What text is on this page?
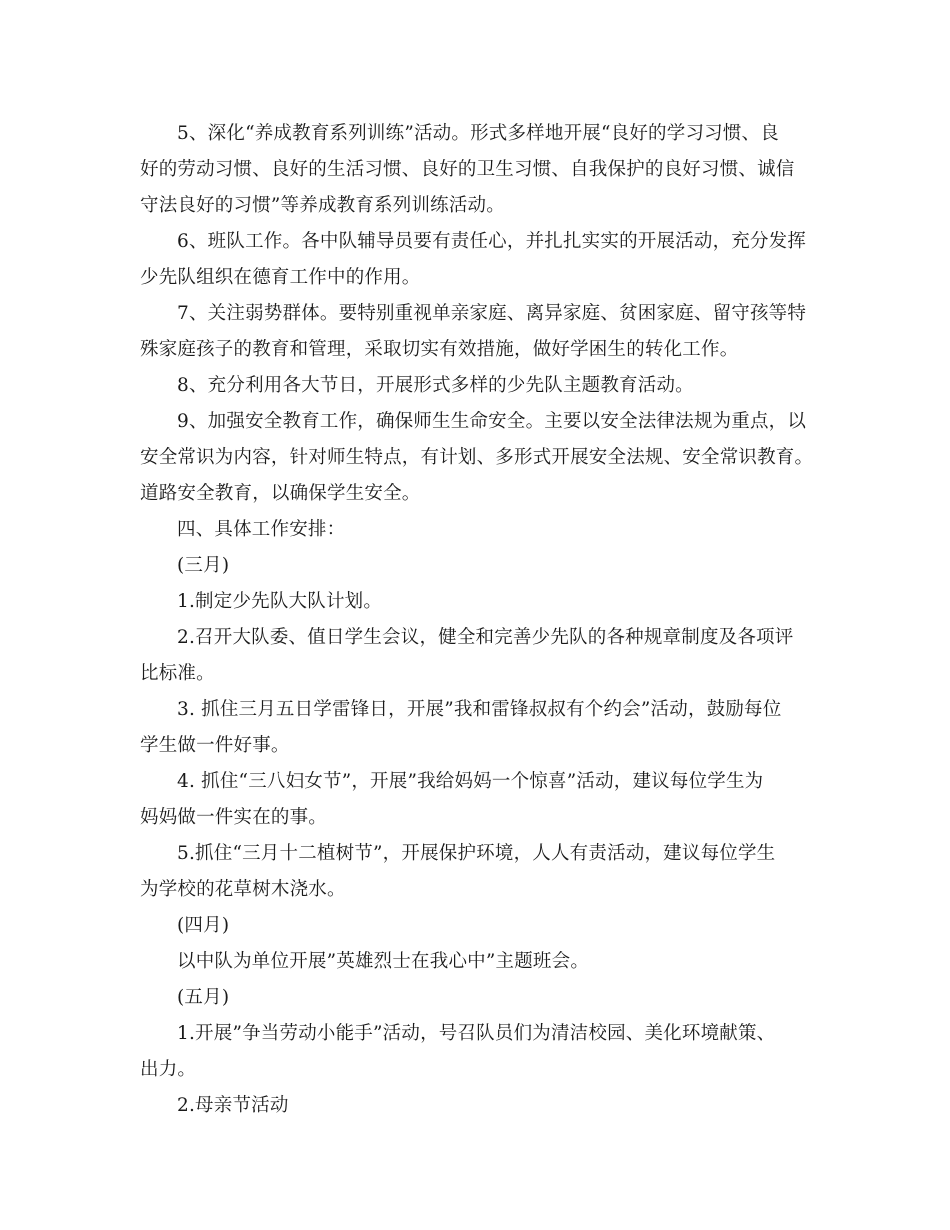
5、深化“养成教育系列训练”活动。形式多样地开展“良好的学习习惯、良
好的劳动习惯、良好的生活习惯、良好的卫生习惯、自我保护的良好习惯、诚信
守法良好的习惯”等养成教育系列训练活动。
6、班队工作。各中队辅导员要有责任心，并扎扎实实的开展活动，充分发挥
少先队组织在德育工作中的作用。
7、关注弱势群体。要特别重视单亲家庭、离异家庭、贫困家庭、留守孩等特
殊家庭孩子的教育和管理，采取切实有效措施，做好学困生的转化工作。
8、充分利用各大节日，开展形式多样的少先队主题教育活动。
9、加强安全教育工作，确保师生生命安全。主要以安全法律法规为重点，以
安全常识为内容，针对师生特点，有计划、多形式开展安全法规、安全常识教育。
道路安全教育，以确保学生安全。
四、具体工作安排：
(三月)
1.制定少先队大队计划。
2.召开大队委、值日学生会议，健全和完善少先队的各种规章制度及各项评
比标准。
3. 抓住三月五日学雷锋日，开展”我和雷锋叔叔有个约会”活动，鼓励每位
学生做一件好事。
4. 抓住“三八妇女节”，开展”我给妈妈一个惊喜”活动，建议每位学生为
妈妈做一件实在的事。
5.抓住“三月十二植树节”，开展保护环境，人人有责活动，建议每位学生
为学校的花草树木浇水。
(四月)
以中队为单位开展”英雄烈士在我心中”主题班会。
(五月)
1.开展”争当劳动小能手”活动，号召队员们为清洁校园、美化环境献策、
出力。
2.母亲节活动
